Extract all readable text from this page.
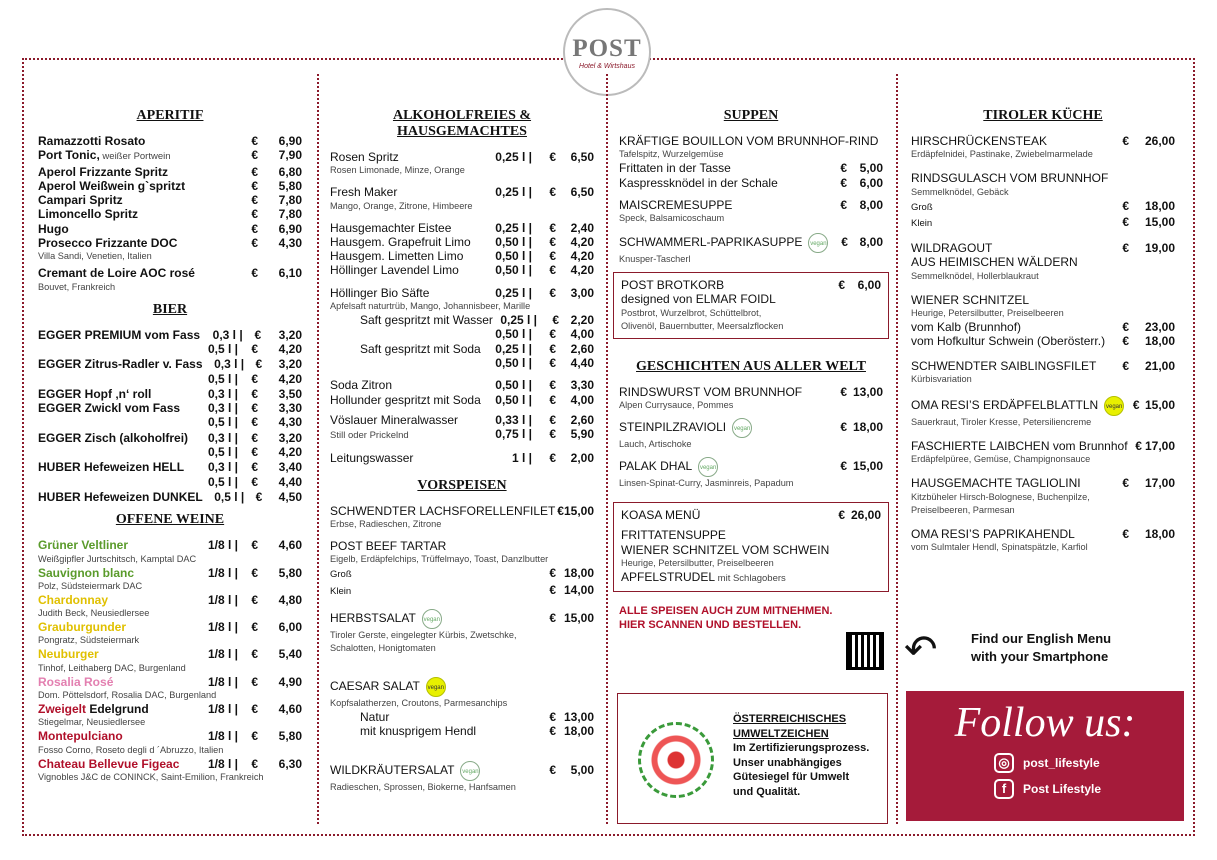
POST
Hotel & Wirtshaus
APERITIF
Ramazzotti Rosato	€	6,90
Port Tonic, weißer Portwein	€	7,90
Aperol Frizzante Spritz	€	6,80
Aperol Weißwein g`spritzt	€	5,80
Campari Spritz	€	7,80
Limoncello Spritz	€	7,80
Hugo	€	6,90
Prosecco Frizzante DOC	€	4,30
Villa Sandi, Venetien, Italien
Cremant de Loire AOC rosé	€	6,10
Bouvet, Frankreich
BIER
EGGER PREMIUM vom Fass	0,3 l | €	3,20
0,5 l |	€	4,20
EGGER Zitrus-Radler v. Fass 0,3 l | €	3,20
0,5 l |	€	4,20
EGGER Hopf ‚n‘ roll	0,3 l |	€	3,50
EGGER Zwickl vom Fass	0,3 l |	€	3,30
0,5 l |	€	4,30
EGGER Zisch (alkoholfrei)	0,3 l |	€	3,20
0,5 l |	€	4,20
HUBER Hefeweizen HELL	0,3 l |	€	3,40
0,5 l |	€	4,40
HUBER Hefeweizen DUNKEL 0,5 l | €	4,50
OFFENE WEINE
Grüner Veltliner	1/8 l |	€	4,60
Weißgipfler Jurtschitsch, Kamptal DAC
Sauvignon blanc	1/8 l |	€	5,80
Polz, Südsteiermark DAC
Chardonnay	1/8 l |	€	4,80
Judith Beck, Neusiedlersee
Grauburgunder	1/8 l |	€	6,00
Pongratz, Südsteiermark
Neuburger	1/8 l |	€	5,40
Tinhof, Leithaberg DAC, Burgenland
Rosalia Rosé	1/8 l |	€	4,90
Dom. Pöttelsdorf, Rosalia DAC, Burgenland
Zweigelt Edelgrund	1/8 l |	€	4,60
Stiegelmar, Neusiedlersee
Montepulciano	1/8 l |	€	5,80
Fosso Corno, Roseto degli d ´Abruzzo, Italien
Chateau Bellevue Figeac	1/8 l |	€	6,30
Vignobles J&C de CONINCK, Saint-Emilion, Frankreich
ALKOHOLFREIES & HAUSGEMACHTES
Rosen Spritz	0,25 l |	€	6,50
Rosen Limonade, Minze, Orange
Fresh Maker	0,25 l |	€	6,50
Mango, Orange, Zitrone, Himbeere
Hausgemachter Eistee	0,25 l |	€	2,40
Hausgem. Grapefruit Limo	0,50 l |	€	4,20
Hausgem. Limetten Limo	0,50 l |	€	4,20
Höllinger Lavendel Limo	0,50 l |	€	4,20
Höllinger Bio Säfte	0,25 l |	€	3,00
Apfelsaft naturtrüb, Mango, Johannisbeer, Marille
Saft gespritzt mit Wasser 0,25 l |	€ 2,20
0,50 l |	€	4,00
Saft gespritzt mit Soda	0,25 l |	€	2,60
0,50 l |	€	4,40
Soda Zitron	0,50 l |	€	3,30
Hollunder gespritzt mit Soda	0,50 l |	€	4,00
Vöslauer Mineralwasser	0,33 l |	€	2,60
Still oder Prickelnd	0,75 l |	€	5,90
Leitungswasser	1 l |	€	2,00
VORSPEISEN
SCHWENDTER LACHSFORELLENFILET € 15,00
Erbse, Radieschen, Zitrone
POST BEEF TARTAR
Eigelb, Erdäpfelchips, Trüffelmayo, Toast, Danzlbutter
Groß	€ 18,00
Klein	€ 14,00
HERBSTSALAT vegan	€ 15,00
Tiroler Gerste, eingelegter Kürbis, Zwetschke,
Schalotten, Honigtomaten
CAESAR SALAT vegan
Kopfsalatherzen, Croutons, Parmesanchips
Natur	€ 13,00
mit knusprigem Hendl	€ 18,00
WILDKRÄUTERSALAT vegan	€	5,00
Radieschen, Sprossen, Biokerne, Hanfsamen
SUPPEN
KRÄFTIGE BOUILLON VOM BRUNNHOF-RIND
Tafelspitz, Wurzelgemüse
Frittaten in der Tasse	€	5,00
Kaspressknödel in der Schale	€	6,00
MAISCREMESUPPE	€	8,00
Speck, Balsamicoschaum
SCHWAMMERL-PAPRIKASUPPE vegan	€ 8,00
Knusper-Tascherl
POST BROTKORB	€	6,00
designed von ELMAR FOIDL
Postbrot, Wurzelbrot, Schüttelbrot,
Olivenöl, Bauernbutter, Meersalzflocken
GESCHICHTEN AUS ALLER WELT
RINDSWURST VOM BRUNNHOF	€ 13,00
Alpen Currysauce, Pommes
STEINPILZRAVIOLI vegan	€ 18,00
Lauch, Artischoke
PALAK DHAL vegan	€ 15,00
Linsen-Spinat-Curry, Jasminreis, Papadum
KOASA MENÜ	€ 26,00
FRITTATENSUPPE
WIENER SCHNITZEL VOM SCHWEIN
Heurige, Petersilbutter, Preiselbeeren
APFELSTRUDEL mit Schlagobers
ALLE SPEISEN AUCH ZUM MITNEHMEN.
HIER SCANNEN UND BESTELLEN.
TIROLER KÜCHE
HIRSCHRÜCKENSTEAK	€	26,00
Erdäpfelnidei, Pastinake, Zwiebelmarmelade
RINDSGULASCH VOM BRUNNHOF
Semmelknödel, Gebäck
Groß	€	18,00
Klein	€	15,00
WILDRAGOUT	€	19,00
AUS HEIMISCHEN WÄLDERN
Semmelknödel, Hollerblaukraut
WIENER SCHNITZEL
Heurige, Petersilbutter, Preiselbeeren
vom Kalb (Brunnhof)	€	23,00
vom Hofkultur Schwein (Oberösterr.)	€	18,00
SCHWENDTER SAIBLINGSFILET	€	21,00
Kürbisvariation
OMA RESI’S ERDÄPFELBLATTLN vegan € 15,00
Sauerkraut, Tiroler Kresse, Petersiliencreme
FASCHIERTE LAIBCHEN vom Brunnhof € 17,00
Erdäpfelpüree, Gemüse, Champignonsauce
HAUSGEMACHTE TAGLIOLINI	€	17,00
Kitzbüheler Hirsch-Bolognese, Buchenpilze,
Preiselbeeren, Parmesan
OMA RESI’S PAPRIKAHENDL	€	18,00
vom Sulmtaler Hendl, Spinatspätzle, Karfiol
↶	Find our English Menu
with your Smartphone
ÖSTERREICHISCHES
UMWELTZEICHEN
Im Zertifizierungsprozess.
Unser unabhängiges
Gütesiegel für Umwelt
und Qualität.
Follow us:
◎	post_lifestyle
f	Post Lifestyle
